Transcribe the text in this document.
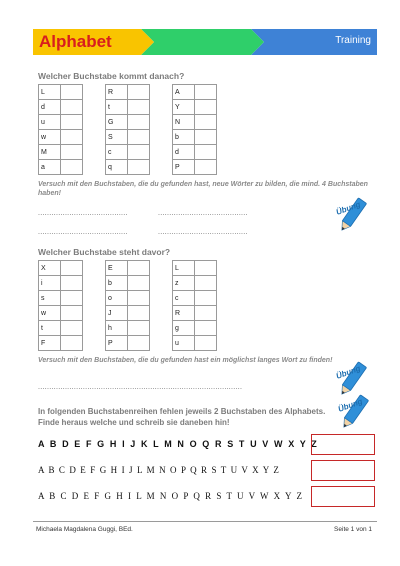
Alphabet	Training
Welcher Buchstabe kommt danach?
L	
d	
u	
w	
M	
a	
R	
t	
G	
S	
c	
q	
A	
Y	
N	
b	
d	
P	
Versuch mit den Buchstaben, die du gefunden hast, neue Wörter zu bilden, die mind. 4 Buchstaben haben!
........................................	........................................
........................................	........................................
Übung
Welcher Buchstabe steht davor?
X	
i	
s	
w	
t	
F	
E	
b	
o	
J	
h	
P	
L	
z	
c	
R	
g	
u	
Versuch mit den Buchstaben, die du gefunden hast ein möglichst langes Wort zu finden!
...........................................................................................
Übung
In folgenden Buchstabenreihen fehlen jeweils 2 Buchstaben des Alphabets.
Finde heraus welche und schreib sie daneben hin!
Übung
A B D E F G H I J K L M N O Q R S T U V W X Y Z
A B C D E F G H I J L M N O P Q R S T U V X Y Z
A B C D E F G H I L M N O P Q R S T U V W X Y Z
Michaela Magdalena Guggi, BEd.	Seite 1 von 1
